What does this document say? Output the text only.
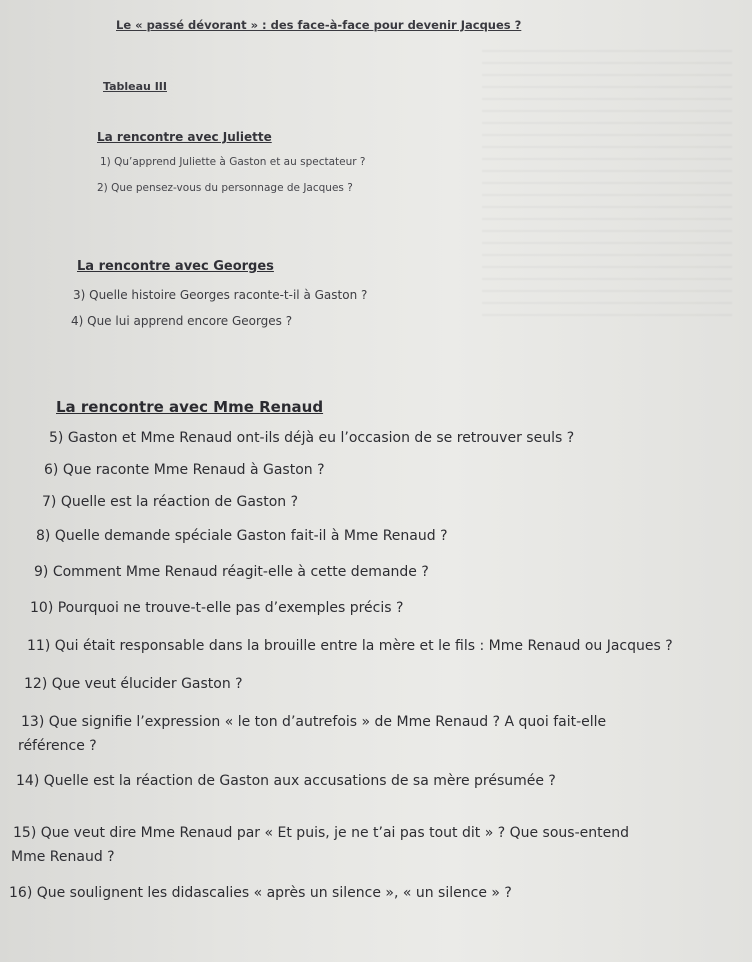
Le « passé dévorant » : des face-à-face pour devenir Jacques ?

Tableau III

La rencontre avec Juliette

1) Qu’apprend Juliette à Gaston et au spectateur ?

2) Que pensez-vous du personnage de Jacques ?

La rencontre avec Georges

3) Quelle histoire Georges raconte-t-il à Gaston ?

4) Que lui apprend encore Georges ?

La rencontre avec Mme Renaud

5) Gaston et Mme Renaud ont-ils déjà eu l’occasion de se retrouver seuls ?

6) Que raconte Mme Renaud à Gaston ?

7) Quelle est la réaction de Gaston ?

8) Quelle demande spéciale Gaston fait-il à Mme Renaud ?

9) Comment Mme Renaud réagit-elle à cette demande ?

10) Pourquoi ne trouve-t-elle pas d’exemples précis ?

11) Qui était responsable dans la brouille entre la mère et le fils : Mme Renaud ou Jacques ?

12) Que veut élucider Gaston ?

13) Que signifie l’expression « le ton d’autrefois » de Mme Renaud ? A quoi fait-elle

référence ?

14) Quelle est la réaction de Gaston aux accusations de sa mère présumée ?

15) Que veut dire Mme Renaud par « Et puis, je ne t’ai pas tout dit » ? Que sous-entend

Mme Renaud ?

16) Que soulignent les didascalies « après un silence », « un silence » ?
